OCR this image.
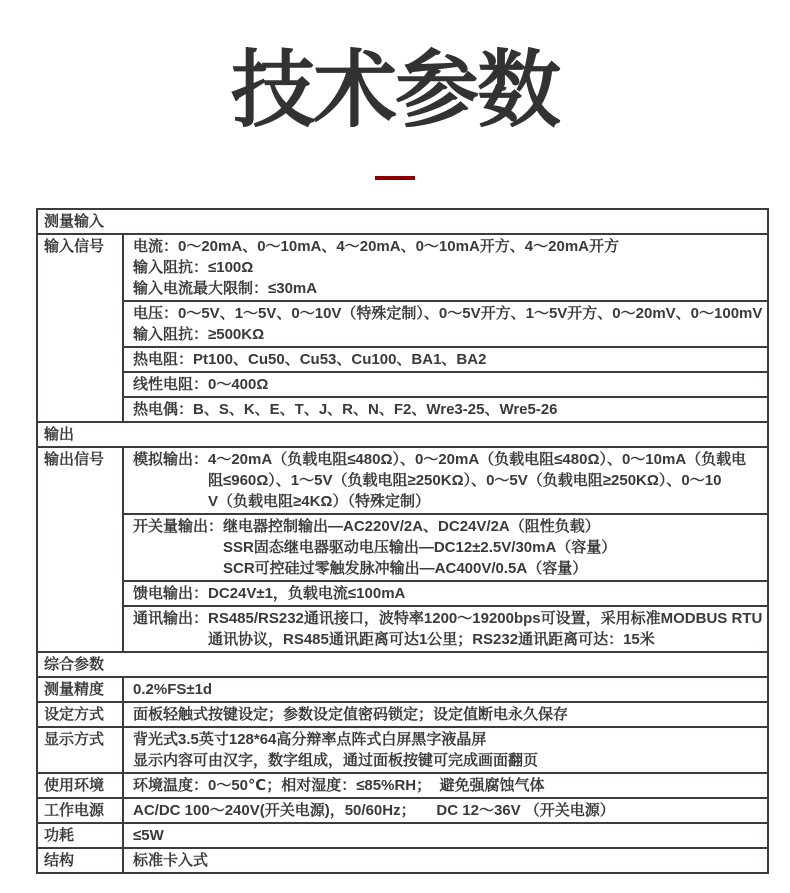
技术参数
测量输入
输入信号	电流：0～20mA、0～10mA、4～20mA、0～10mA开方、4～20mA开方
输入阻抗：≤100Ω
输入电流最大限制：≤30mA
电压：0～5V、1～5V、0～10V（特殊定制）、0～5V开方、1～5V开方、0～20mV、0～100mV
输入阻抗：≥500KΩ
热电阻：Pt100、Cu50、Cu53、Cu100、BA1、BA2
线性电阻：0～400Ω
热电偶：B、S、K、E、T、J、R、N、F2、Wre3-25、Wre5-26
输出
输出信号	模拟输出：4～20mA（负载电阻≤480Ω）、0～20mA（负载电阻≤480Ω）、0～10mA（负载电
阻≤960Ω）、1～5V（负载电阻≥250KΩ）、0～5V（负载电阻≥250KΩ）、0～10
V（负载电阻≥4KΩ）（特殊定制）
开关量输出：继电器控制输出—AC220V/2A、DC24V/2A（阻性负载）
SSR固态继电器驱动电压输出—DC12±2.5V/30mA（容量）
SCR可控硅过零触发脉冲输出—AC400V/0.5A（容量）
馈电输出：DC24V±1，负载电流≤100mA
通讯输出：RS485/RS232通讯接口，波特率1200～19200bps可设置，采用标准MODBUS RTU
通讯协议，RS485通讯距离可达1公里；RS232通讯距离可达：15米
综合参数
测量精度	0.2%FS±1d
设定方式	面板轻触式按键设定；参数设定值密码锁定；设定值断电永久保存
显示方式	背光式3.5英寸128*64高分辩率点阵式白屏黑字液晶屏
显示内容可由汉字，数字组成，通过面板按键可完成画面翻页
使用环境	环境温度：0～50℃；相对湿度：≤85%RH；  避免强腐蚀气体
工作电源	AC/DC 100～240V(开关电源)，50/60Hz；     DC 12～36V （开关电源）
功耗	≤5W
结构	标准卡入式
